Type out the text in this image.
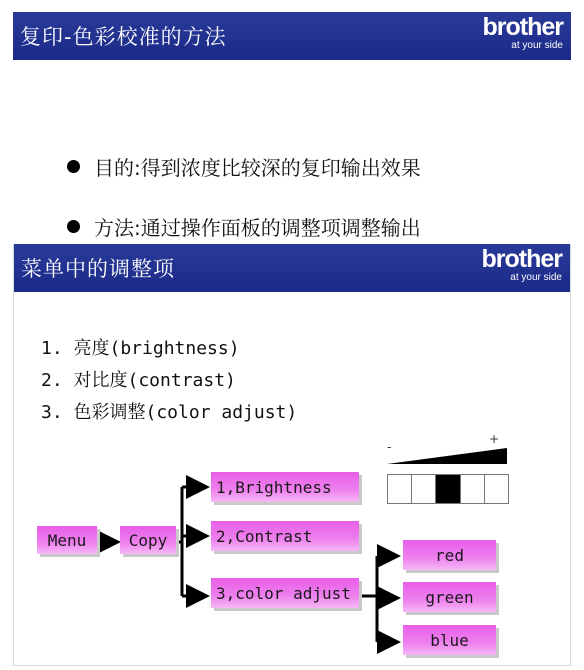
复印-色彩校准的方法	brother
at your side
目的:得到浓度比较深的复印输出效果
方法:通过操作面板的调整项调整输出
菜单中的调整项	brother
at your side
1. 亮度(brightness)
2. 对比度(contrast)
3. 色彩调整(color adjust)
Menu	Copy
1,Brightness
2,Contrast
3,color adjust
red
green
blue
-
+
